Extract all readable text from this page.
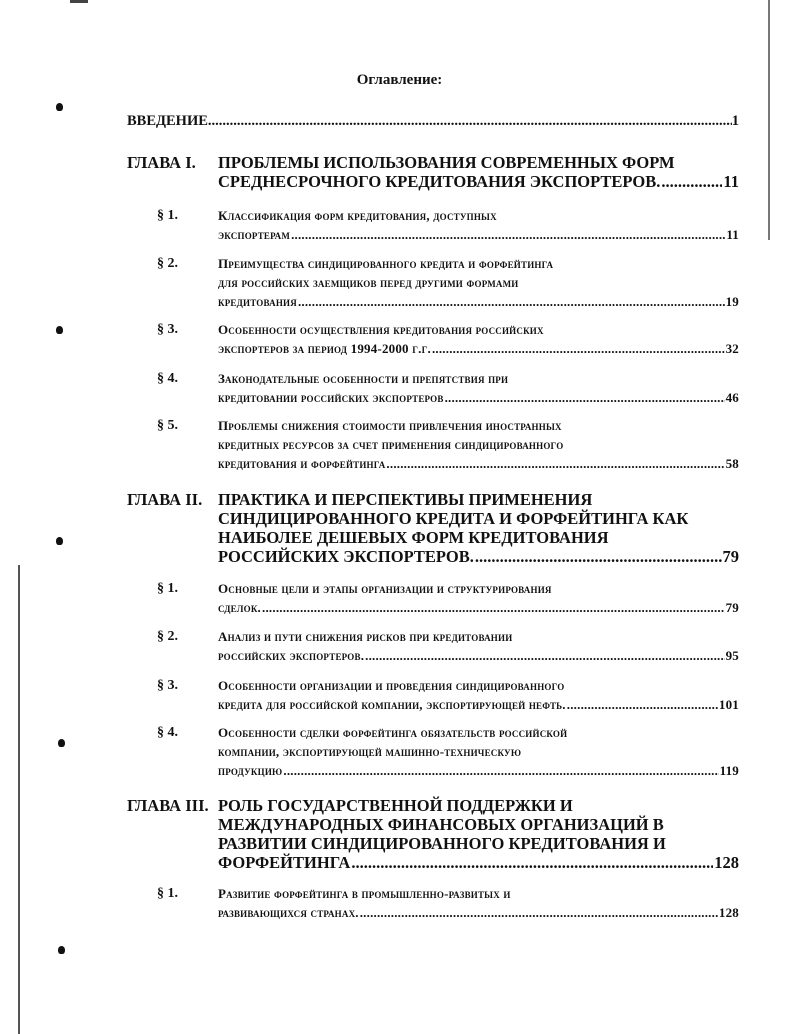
Оглавление:
ВВЕДЕНИЕ .....	1
ГЛАВА I.	ПРОБЛЕМЫ ИСПОЛЬЗОВАНИЯ СОВРЕМЕННЫХ ФОРМ
СРЕДНЕСРОЧНОГО КРЕДИТОВАНИЯ ЭКСПОРТЕРОВ. .....	11
§ 1.	Классификация форм кредитования, доступных
экспортерам .....	11
§ 2.	Преимущества синдицированного кредита и форфейтинга
для российских заемщиков перед другими формами
кредитования .....	19
§ 3.	Особенности осуществления кредитования российских
экспортеров за период 1994-2000 г.г. .....	32
§ 4.	Законодательные особенности и препятствия при
кредитовании российских экспортеров .....	46
§ 5.	Проблемы снижения стоимости привлечения иностранных
кредитных ресурсов за счет применения синдицированного
кредитования и форфейтинга .....	58
ГЛАВА II. ПРАКТИКА И ПЕРСПЕКТИВЫ ПРИМЕНЕНИЯ
СИНДИЦИРОВАННОГО КРЕДИТА И ФОРФЕЙТИНГА КАК
НАИБОЛЕЕ ДЕШЕВЫХ ФОРМ КРЕДИТОВАНИЯ
РОССИЙСКИХ ЭКСПОРТЕРОВ. .....	79
§ 1.	Основные цели и этапы организации и структурирования
сделок. .....	79
§ 2.	Анализ и пути снижения рисков при кредитовании
российских экспортеров. .....	95
§ 3.	Особенности организации и проведения синдицированного
кредита для российской компании, экспортирующей нефть. .....	101
§ 4.	Особенности сделки форфейтинга обязательств российской
компании, экспортирующей машинно-техническую
продукцию .....	119
ГЛАВА III. РОЛЬ ГОСУДАРСТВЕННОЙ ПОДДЕРЖКИ И
МЕЖДУНАРОДНЫХ ФИНАНСОВЫХ ОРГАНИЗАЦИЙ В
РАЗВИТИИ СИНДИЦИРОВАННОГО КРЕДИТОВАНИЯ И
ФОРФЕЙТИНГА .....	128
§ 1.	Развитие форфейтинга в промышленно-развитых и
развивающихся странах. .....	128
